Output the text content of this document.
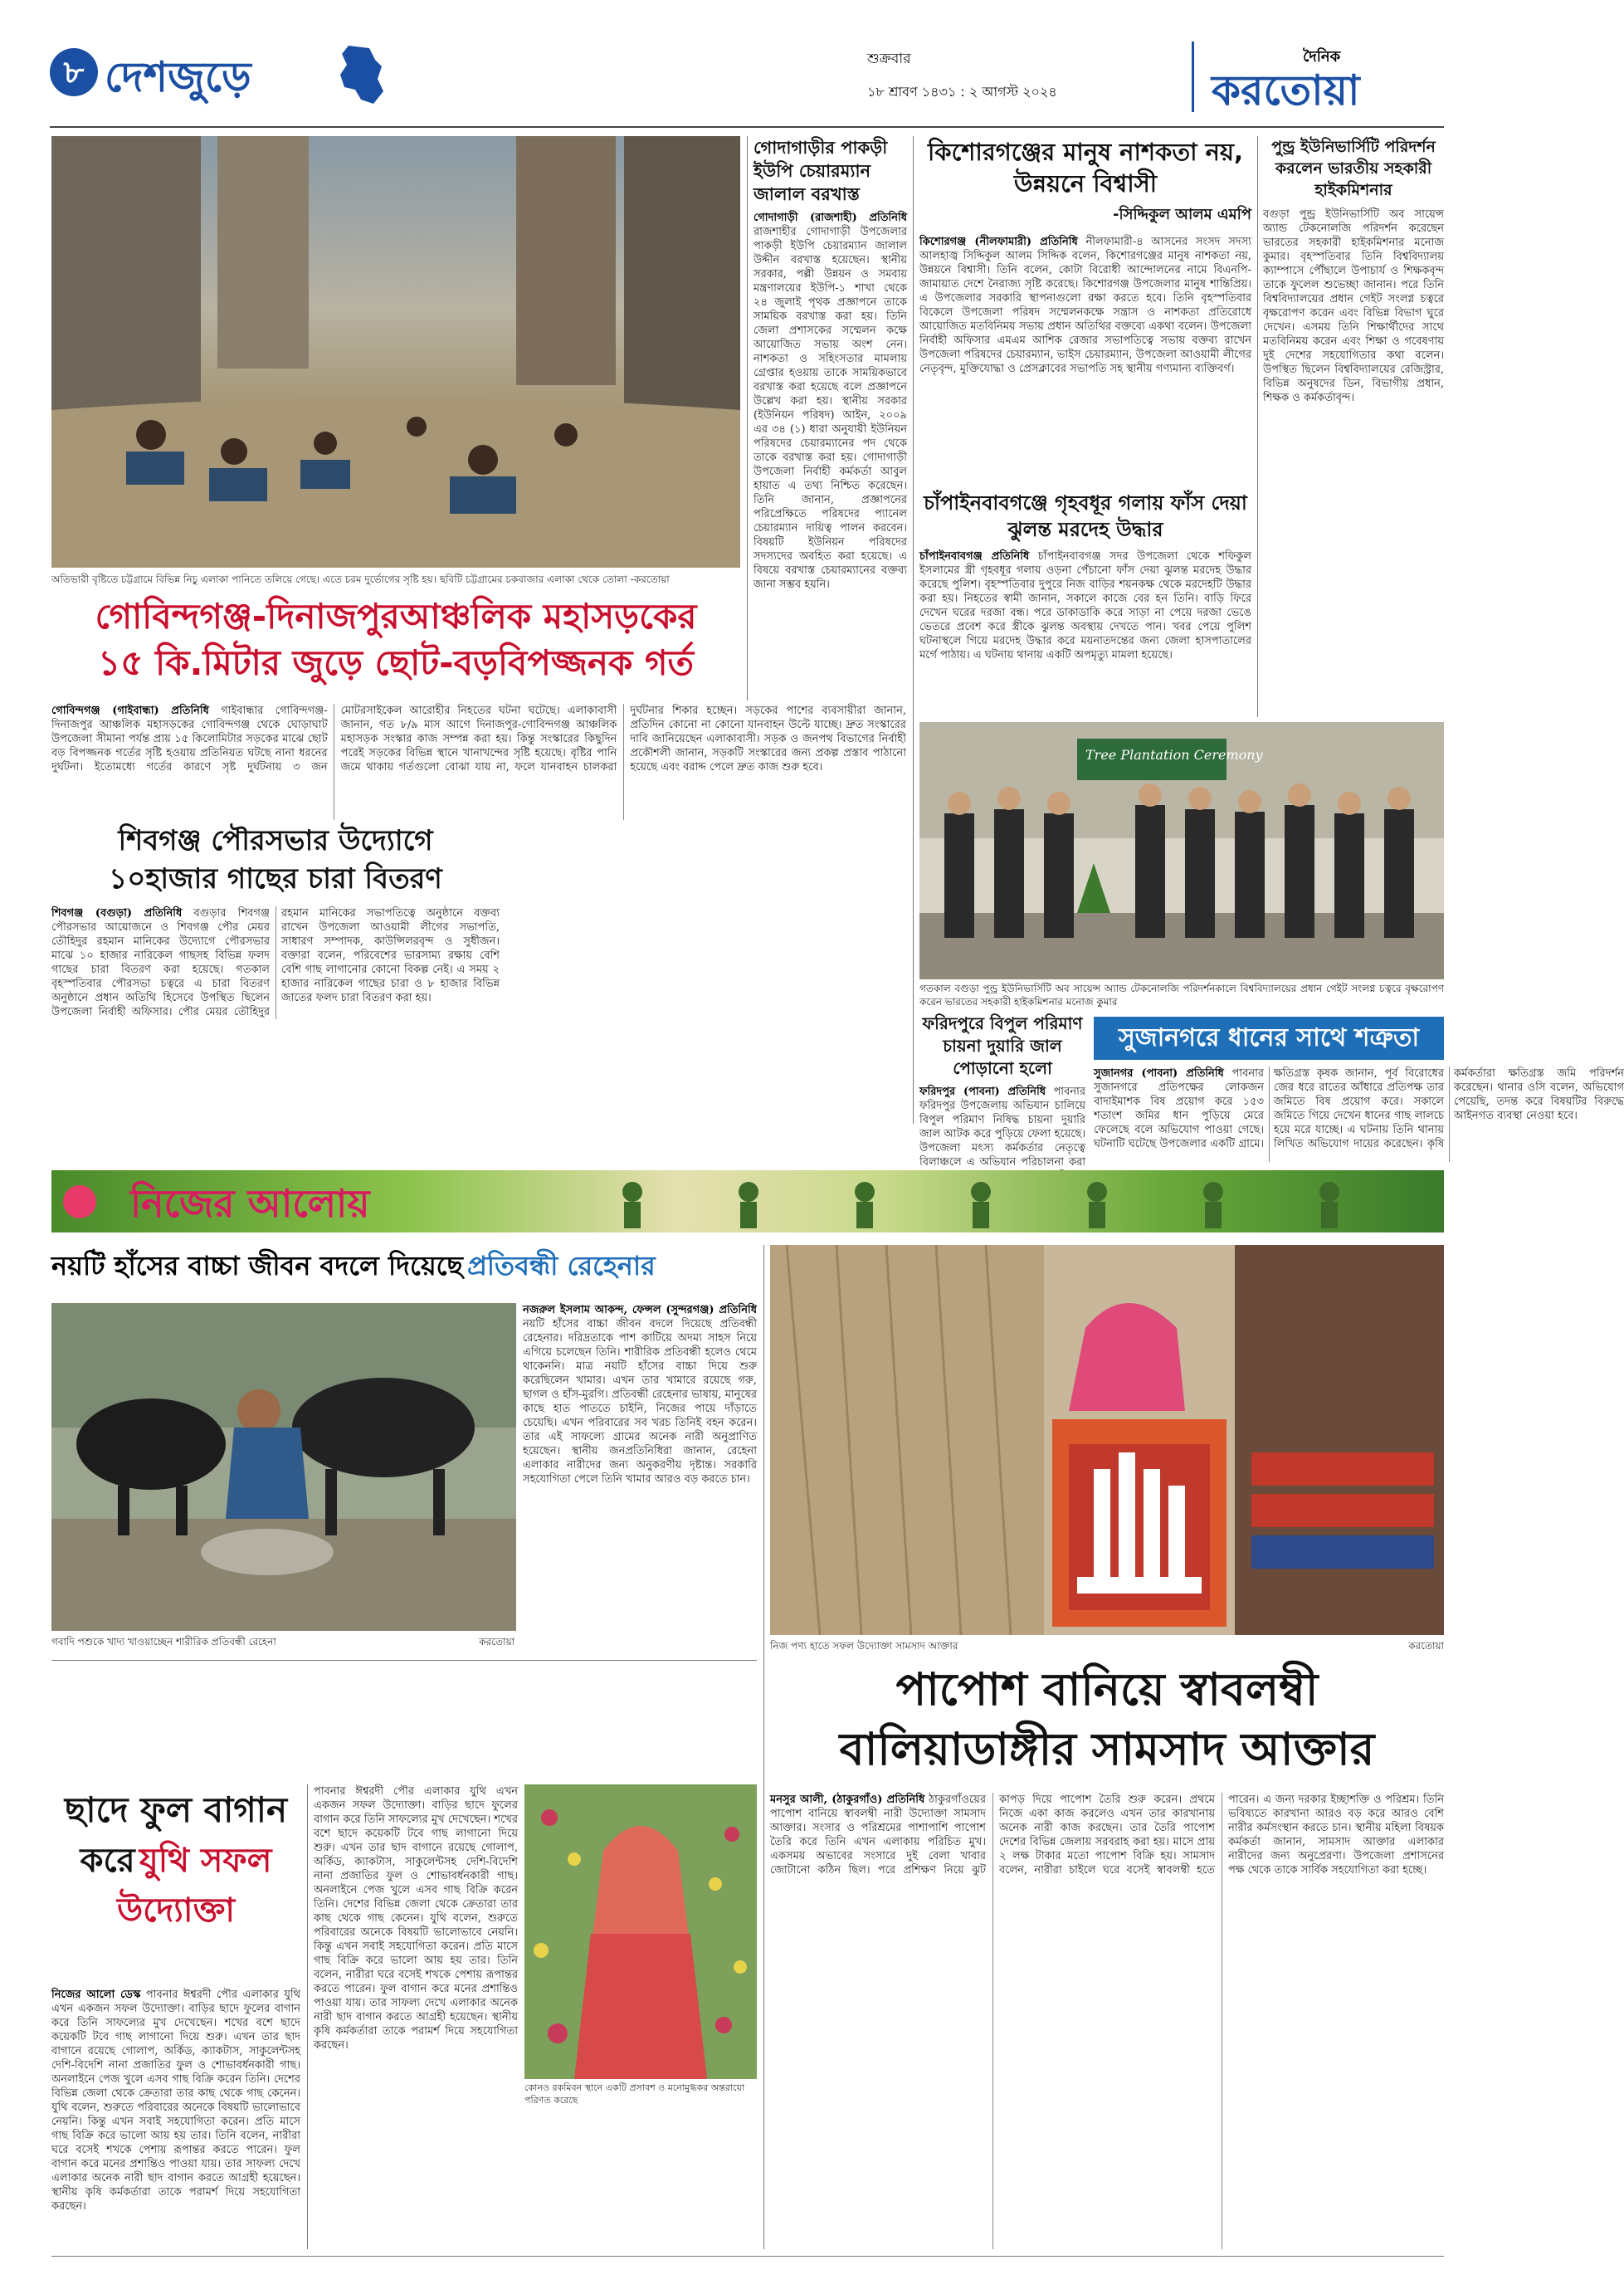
৮ দেশজুড়ে	শুক্রবার
১৮ শ্রাবণ ১৪৩১ : ২ আগস্ট ২০২৪
দৈনিক
করতোয়া
অতিভারী বৃষ্টিতে চট্টগ্রামে বিভিন্ন নিচু এলাকা পানিতে তলিয়ে গেছে। এতে চরম দুর্ভোগের সৃষ্টি হয়। ছবিটি চট্টগ্রামের চকবাজার এলাকা থেকে তোলা -করতোয়া
গোদাগাড়ীর পাকড়ী ইউপি চেয়ারম্যান জালাল বরখাস্ত
গোদাগাড়ী (রাজশাহী) প্রতিনিধি রাজশাহীর গোদাগাড়ী উপজেলার পাকড়ী ইউপি চেয়ারম্যান জালাল উদ্দীন বরখাস্ত হয়েছেন। স্থানীয় সরকার, পল্লী উন্নয়ন ও সমবায় মন্ত্রণালয়ের ইউপি-১ শাখা থেকে ২৪ জুলাই পৃথক প্রজ্ঞাপনে তাকে সাময়িক বরখাস্ত করা হয়। তিনি জেলা প্রশাসকের সম্মেলন কক্ষে আয়োজিত সভায় অংশ নেন। নাশকতা ও সহিংসতার মামলায় গ্রেপ্তার হওয়ায় তাকে সাময়িকভাবে বরখাস্ত করা হয়েছে বলে প্রজ্ঞাপনে উল্লেখ করা হয়। স্থানীয় সরকার (ইউনিয়ন পরিষদ) আইন, ২০০৯ এর ৩৪ (১) ধারা অনুযায়ী ইউনিয়ন পরিষদের চেয়ারম্যানের পদ থেকে তাকে বরখাস্ত করা হয়। গোদাগাড়ী উপজেলা নির্বাহী কর্মকর্তা আবুল হায়াত এ তথ্য নিশ্চিত করেছেন। তিনি জানান, প্রজ্ঞাপনের পরিপ্রেক্ষিতে পরিষদের প্যানেল চেয়ারম্যান দায়িত্ব পালন করবেন। বিষয়টি ইউনিয়ন পরিষদের সদস্যদের অবহিত করা হয়েছে। এ বিষয়ে বরখাস্ত চেয়ারম্যানের বক্তব্য জানা সম্ভব হয়নি।
কিশোরগঞ্জের মানুষ নাশকতা নয়, উন্নয়নে বিশ্বাসী
-সিদ্দিকুল আলম এমপি
কিশোরগঞ্জ (নীলফামারী) প্রতিনিধি নীলফামারী-৪ আসনের সংসদ সদস্য আলহাজ্ব সিদ্দিকুল আলম সিদ্দিক বলেন, কিশোরগঞ্জের মানুষ নাশকতা নয়, উন্নয়নে বিশ্বাসী। তিনি বলেন, কোটা বিরোধী আন্দোলনের নামে বিএনপি-জামায়াত দেশে নৈরাজ্য সৃষ্টি করেছে। কিশোরগঞ্জ উপজেলার মানুষ শান্তিপ্রিয়। এ উপজেলার সরকারি স্থাপনাগুলো রক্ষা করতে হবে। তিনি বৃহস্পতিবার বিকেলে উপজেলা পরিষদ সম্মেলনকক্ষে সন্ত্রাস ও নাশকতা প্রতিরোধে আয়োজিত মতবিনিময় সভায় প্রধান অতিথির বক্তব্যে একথা বলেন। উপজেলা নির্বাহী অফিসার এমএম আশিক রেজার সভাপতিত্বে সভায় বক্তব্য রাখেন উপজেলা পরিষদের চেয়ারম্যান, ভাইস চেয়ারম্যান, উপজেলা আওয়ামী লীগের নেতৃবৃন্দ, মুক্তিযোদ্ধা ও প্রেসক্লাবের সভাপতি সহ স্থানীয় গণ্যমান্য ব্যক্তিবর্গ।
চাঁপাইনবাবগঞ্জে গৃহবধূর গলায় ফাঁস দেয়া ঝুলন্ত মরদেহ উদ্ধার
চাঁপাইনবাবগঞ্জ প্রতিনিধি চাঁপাইনবাবগঞ্জ সদর উপজেলা থেকে শফিকুল ইসলামের স্ত্রী গৃহবধূর গলায় ওড়না পেঁচানো ফাঁস দেয়া ঝুলন্ত মরদেহ উদ্ধার করেছে পুলিশ। বৃহস্পতিবার দুপুরে নিজ বাড়ির শয়নকক্ষ থেকে মরদেহটি উদ্ধার করা হয়। নিহতের স্বামী জানান, সকালে কাজে বের হন তিনি। বাড়ি ফিরে দেখেন ঘরের দরজা বন্ধ। পরে ডাকাডাকি করে সাড়া না পেয়ে দরজা ভেঙে ভেতরে প্রবেশ করে স্ত্রীকে ঝুলন্ত অবস্থায় দেখতে পান। খবর পেয়ে পুলিশ ঘটনাস্থলে গিয়ে মরদেহ উদ্ধার করে ময়নাতদন্তের জন্য জেলা হাসপাতালের মর্গে পাঠায়। এ ঘটনায় থানায় একটি অপমৃত্যু মামলা হয়েছে।
পুন্ড্র ইউনিভার্সিটি পরিদর্শন করলেন ভারতীয় সহকারী হাইকমিশনার
বগুড়া পুন্ড্র ইউনিভার্সিটি অব সায়েন্স অ্যান্ড টেকনোলজি পরিদর্শন করেছেন ভারতের সহকারী হাইকমিশনার মনোজ কুমার। বৃহস্পতিবার তিনি বিশ্ববিদ্যালয় ক্যাম্পাসে পৌঁছালে উপাচার্য ও শিক্ষকবৃন্দ তাকে ফুলেল শুভেচ্ছা জানান। পরে তিনি বিশ্ববিদ্যালয়ের প্রধান গেইট সংলগ্ন চত্বরে বৃক্ষরোপণ করেন এবং বিভিন্ন বিভাগ ঘুরে দেখেন। এসময় তিনি শিক্ষার্থীদের সাথে মতবিনিময় করেন এবং শিক্ষা ও গবেষণায় দুই দেশের সহযোগিতার কথা বলেন। উপস্থিত ছিলেন বিশ্ববিদ্যালয়ের রেজিস্ট্রার, বিভিন্ন অনুষদের ডিন, বিভাগীয় প্রধান, শিক্ষক ও কর্মকর্তাবৃন্দ।
গোবিন্দগঞ্জ-দিনাজপুরআঞ্চলিক মহাসড়কের
১৫ কি.মিটার জুড়ে ছোট-বড়বিপজ্জনক গর্ত
Tree Plantation Ceremony
গতকাল বগুড়া পুন্ড্র ইউনিভার্সিটি অব সায়েন্স অ্যান্ড টেকনোলজি পরিদর্শনকালে বিশ্ববিদ্যালয়ের প্রধান গেইট সংলগ্ন চত্বরে বৃক্ষরোপণ করেন ভারতের সহকারী হাইকমিশনার মনোজ কুমার
গোবিন্দগঞ্জ (গাইবান্ধা) প্রতিনিধি গাইবান্ধার গোবিন্দগঞ্জ-দিনাজপুর আঞ্চলিক মহাসড়কের গোবিন্দগঞ্জ থেকে ঘোড়াঘাট উপজেলা সীমানা পর্যন্ত প্রায় ১৫ কিলোমিটার সড়কের মাঝে ছোট বড় বিপজ্জনক গর্তের সৃষ্টি হওয়ায় প্রতিনিয়ত ঘটছে নানা ধরনের দুর্ঘটনা। ইতোমধ্যে গর্তের কারণে সৃষ্ট দুর্ঘটনায় ৩ জন মোটরসাইকেল আরোহীর নিহতের ঘটনা ঘটেছে। এলাকাবাসী জানান, গত ৮/৯ মাস আগে দিনাজপুর-গোবিন্দগঞ্জ আঞ্চলিক মহাসড়ক সংস্কার কাজ সম্পন্ন করা হয়। কিন্তু সংস্কারের কিছুদিন পরেই সড়কের বিভিন্ন স্থানে খানাখন্দের সৃষ্টি হয়েছে। বৃষ্টির পানি জমে থাকায় গর্তগুলো বোঝা যায় না, ফলে যানবাহন চালকরা দুর্ঘটনার শিকার হচ্ছেন। সড়কের পাশের ব্যবসায়ীরা জানান, প্রতিদিন কোনো না কোনো যানবাহন উল্টে যাচ্ছে। দ্রুত সংস্কারের দাবি জানিয়েছেন এলাকাবাসী। সড়ক ও জনপথ বিভাগের নির্বাহী প্রকৌশলী জানান, সড়কটি সংস্কারের জন্য প্রকল্প প্রস্তাব পাঠানো হয়েছে এবং বরাদ্দ পেলে দ্রুত কাজ শুরু হবে।
শিবগঞ্জ পৌরসভার উদ্যোগে
১০হাজার গাছের চারা বিতরণ
শিবগঞ্জ (বগুড়া) প্রতিনিধি বগুড়ার শিবগঞ্জ পৌরসভার আয়োজনে ও শিবগঞ্জ পৌর মেয়র তৌহিদুর রহমান মানিকের উদ্যোগে পৌরসভার মাঝে ১০ হাজার নারিকেল গাছসহ বিভিন্ন ফলদ গাছের চারা বিতরণ করা হয়েছে। গতকাল বৃহস্পতিবার পৌরসভা চত্বরে এ চারা বিতরণ অনুষ্ঠানে প্রধান অতিথি হিসেবে উপস্থিত ছিলেন উপজেলা নির্বাহী অফিসার। পৌর মেয়র তৌহিদুর রহমান মানিকের সভাপতিত্বে অনুষ্ঠানে বক্তব্য রাখেন উপজেলা আওয়ামী লীগের সভাপতি, সাধারণ সম্পাদক, কাউন্সিলরবৃন্দ ও সুধীজন। বক্তারা বলেন, পরিবেশের ভারসাম্য রক্ষায় বেশি বেশি গাছ লাগানোর কোনো বিকল্প নেই। এ সময় ২ হাজার নারিকেল গাছের চারা ও ৮ হাজার বিভিন্ন জাতের ফলদ চারা বিতরণ করা হয়।
ফরিদপুরে বিপুল পরিমাণ চায়না দুয়ারি জাল পোড়ানো হলো
ফরিদপুর (পাবনা) প্রতিনিধি পাবনার ফরিদপুর উপজেলায় অভিযান চালিয়ে বিপুল পরিমাণ নিষিদ্ধ চায়না দুয়ারি জাল আটক করে পুড়িয়ে ফেলা হয়েছে। উপজেলা মৎস্য কর্মকর্তার নেতৃত্বে বিলাঞ্চলে এ অভিযান পরিচালনা করা
সুজানগরে ধানের সাথে শত্রুতা
সুজানগর (পাবনা) প্রতিনিধি পাবনার সুজানগরে প্রতিপক্ষের লোকজন বাদাইমাশক বিষ প্রয়োগ করে ১৫৩ শতাংশ জমির ধান পুড়িয়ে মেরে ফেলেছে বলে অভিযোগ পাওয়া গেছে। ঘটনাটি ঘটেছে উপজেলার একটি গ্রামে। ক্ষতিগ্রস্ত কৃষক জানান, পূর্ব বিরোধের জের ধরে রাতের আঁধারে প্রতিপক্ষ তার জমিতে বিষ প্রয়োগ করে। সকালে জমিতে গিয়ে দেখেন ধানের গাছ লালচে হয়ে মরে যাচ্ছে। এ ঘটনায় তিনি থানায় লিখিত অভিযোগ দায়ের করেছেন। কৃষি কর্মকর্তারা ক্ষতিগ্রস্ত জমি পরিদর্শন করেছেন। থানার ওসি বলেন, অভিযোগ পেয়েছি, তদন্ত করে বিষয়টির বিরুদ্ধে আইনগত ব্যবস্থা নেওয়া হবে।
নিজের আলোয়
নয়টি হাঁসের বাচ্চা জীবন বদলে দিয়েছে প্রতিবন্ধী রেহেনার
গবাদি পশুকে খাদ্য খাওয়াচ্ছেন শারীরিক প্রতিবন্ধী রেহেনা	করতোয়া
নজরুল ইসলাম আকন্দ, ফেন্সল (সুন্দরগঞ্জ) প্রতিনিধি নয়টি হাঁসের বাচ্চা জীবন বদলে দিয়েছে প্রতিবন্ধী রেহেনার। দরিদ্রতাকে পাশ কাটিয়ে অদম্য সাহস নিয়ে এগিয়ে চলেছেন তিনি। শারীরিক প্রতিবন্ধী হলেও থেমে থাকেননি। মাত্র নয়টি হাঁসের বাচ্চা দিয়ে শুরু করেছিলেন খামার। এখন তার খামারে রয়েছে গরু, ছাগল ও হাঁস-মুরগি। প্রতিবন্ধী রেহেনার ভাষায়, মানুষের কাছে হাত পাততে চাইনি, নিজের পায়ে দাঁড়াতে চেয়েছি। এখন পরিবারের সব খরচ তিনিই বহন করেন। তার এই সাফল্যে গ্রামের অনেক নারী অনুপ্রাণিত হয়েছেন। স্থানীয় জনপ্রতিনিধিরা জানান, রেহেনা এলাকার নারীদের জন্য অনুকরণীয় দৃষ্টান্ত। সরকারি সহযোগিতা পেলে তিনি খামার আরও বড় করতে চান।
নিজ পণ্য হাতে সফল উদ্যোক্তা সামসাদ আক্তার	করতোয়া
পাপোশ বানিয়ে স্বাবলম্বী
বালিয়াডাঙ্গীর সামসাদ আক্তার
মনসুর আলী, (ঠাকুরগাঁও) প্রতিনিধি ঠাকুরগাঁওয়ের পাপোশ বানিয়ে স্বাবলম্বী নারী উদ্যোক্তা সামসাদ আক্তার। সংসার ও পরিশ্রমের পাশাপাশি পাপোশ তৈরি করে তিনি এখন এলাকায় পরিচিত মুখ। একসময় অভাবের সংসারে দুই বেলা খাবার জোটানো কঠিন ছিল। পরে প্রশিক্ষণ নিয়ে ঝুট কাপড় দিয়ে পাপোশ তৈরি শুরু করেন। প্রথমে নিজে একা কাজ করলেও এখন তার কারখানায় অনেক নারী কাজ করছেন। তার তৈরি পাপোশ দেশের বিভিন্ন জেলায় সরবরাহ করা হয়। মাসে প্রায় ২ লক্ষ টাকার মতো পাপোশ বিক্রি হয়। সামসাদ বলেন, নারীরা চাইলে ঘরে বসেই স্বাবলম্বী হতে পারেন। এ জন্য দরকার ইচ্ছাশক্তি ও পরিশ্রম। তিনি ভবিষ্যতে কারখানা আরও বড় করে আরও বেশি নারীর কর্মসংস্থান করতে চান। স্থানীয় মহিলা বিষয়ক কর্মকর্তা জানান, সামসাদ আক্তার এলাকার নারীদের জন্য অনুপ্রেরণা। উপজেলা প্রশাসনের পক্ষ থেকে তাকে সার্বিক সহযোগিতা করা হচ্ছে।
ছাদে ফুল বাগান
করে যুথি সফল
উদ্যোক্তা
নিজের আলো ডেস্ক পাবনার ঈশ্বরদী পৌর এলাকার যুথি এখন একজন সফল উদ্যোক্তা। বাড়ির ছাদে ফুলের বাগান করে তিনি সাফল্যের মুখ দেখেছেন। শখের বশে ছাদে কয়েকটি টবে গাছ লাগানো দিয়ে শুরু। এখন তার ছাদ বাগানে রয়েছে গোলাপ, অর্কিড, ক্যাকটাস, সাকুলেন্টসহ দেশি-বিদেশি নানা প্রজাতির ফুল ও শোভাবর্ধনকারী গাছ। অনলাইনে পেজ খুলে এসব গাছ বিক্রি করেন তিনি। দেশের বিভিন্ন জেলা থেকে ক্রেতারা তার কাছ থেকে গাছ কেনেন। যুথি বলেন, শুরুতে পরিবারের অনেকে বিষয়টি ভালোভাবে নেয়নি। কিন্তু এখন সবাই সহযোগিতা করেন। প্রতি মাসে গাছ বিক্রি করে ভালো আয় হয় তার। তিনি বলেন, নারীরা ঘরে বসেই শখকে পেশায় রূপান্তর করতে পারেন। ফুল বাগান করে মনের প্রশান্তিও পাওয়া যায়। তার সাফল্য দেখে এলাকার অনেক নারী ছাদ বাগান করতে আগ্রহী হয়েছেন। স্থানীয় কৃষি কর্মকর্তারা তাকে পরামর্শ দিয়ে সহযোগিতা করছেন।
কোনও রকমিবন স্থানে একটি প্রসাবশ ও মনোমুগ্ধকর অন্তরায়ো পরিণত করেছে
পাবনার ঈশ্বরদী পৌর এলাকার যুথি এখন একজন সফল উদ্যোক্তা। বাড়ির ছাদে ফুলের বাগান করে তিনি সাফল্যের মুখ দেখেছেন। শখের বশে ছাদে কয়েকটি টবে গাছ লাগানো দিয়ে শুরু। এখন তার ছাদ বাগানে রয়েছে গোলাপ, অর্কিড, ক্যাকটাস, সাকুলেন্টসহ দেশি-বিদেশি নানা প্রজাতির ফুল ও শোভাবর্ধনকারী গাছ। অনলাইনে পেজ খুলে এসব গাছ বিক্রি করেন তিনি। দেশের বিভিন্ন জেলা থেকে ক্রেতারা তার কাছ থেকে গাছ কেনেন। যুথি বলেন, শুরুতে পরিবারের অনেকে বিষয়টি ভালোভাবে নেয়নি। কিন্তু এখন সবাই সহযোগিতা করেন। প্রতি মাসে গাছ বিক্রি করে ভালো আয় হয় তার। তিনি বলেন, নারীরা ঘরে বসেই শখকে পেশায় রূপান্তর করতে পারেন। ফুল বাগান করে মনের প্রশান্তিও পাওয়া যায়। তার সাফল্য দেখে এলাকার অনেক নারী ছাদ বাগান করতে আগ্রহী হয়েছেন। স্থানীয় কৃষি কর্মকর্তারা তাকে পরামর্শ দিয়ে সহযোগিতা করছেন।
